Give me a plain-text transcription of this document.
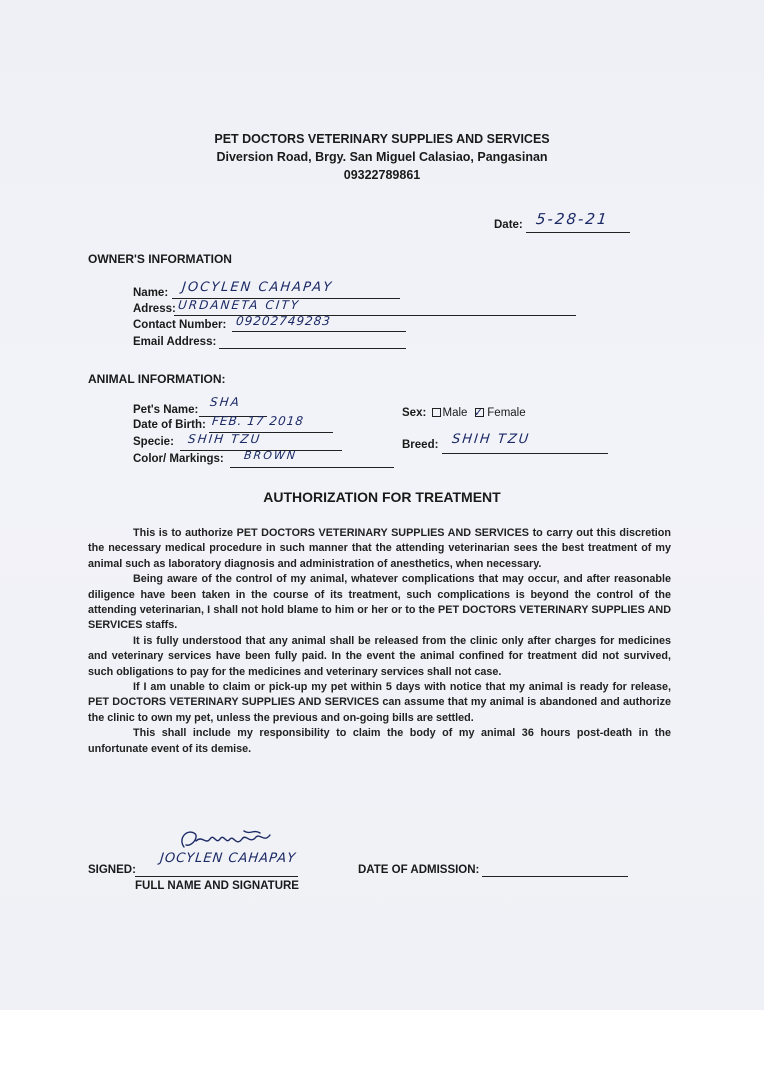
PET DOCTORS VETERINARY SUPPLIES AND SERVICES
Diversion Road, Brgy. San Miguel Calasiao, Pangasinan
09322789861
Date: 5-28-21
OWNER'S INFORMATION
Name: JOCYLEN CAHAPAY
Adress: URDANETA CITY
Contact Number: 09202749283
Email Address:
ANIMAL INFORMATION:
Pet's Name:
SHA
Date of Birth: FEB. 17 2018
Specie: SHIH TZU
Color/ Markings: BROWN
Sex: Male ✓ Female
Breed: SHIH TZU
AUTHORIZATION FOR TREATMENT

This is to authorize PET DOCTORS VETERINARY SUPPLIES AND SERVICES to carry out this discretion the necessary medical procedure in such manner that the attending veterinarian sees the best treatment of my animal such as laboratory diagnosis and administration of anesthetics, when necessary.

Being aware of the control of my animal, whatever complications that may occur, and after reasonable diligence have been taken in the course of its treatment, such complications is beyond the control of the attending veterinarian, I shall not hold blame to him or her or to the PET DOCTORS VETERINARY SUPPLIES AND SERVICES staffs.

It is fully understood that any animal shall be released from the clinic only after charges for medicines and veterinary services have been fully paid. In the event the animal confined for treatment did not survived, such obligations to pay for the medicines and veterinary services shall not case.

If I am unable to claim or pick-up my pet within 5 days with notice that my animal is ready for release, PET DOCTORS VETERINARY SUPPLIES AND SERVICES can assume that my animal is abandoned and authorize the clinic to own my pet, unless the previous and on-going bills are settled.

This shall include my responsibility to claim the body of my animal 36 hours post-death in the unfortunate event of its demise.

SIGNED:
JOCYLEN CAHAPAY
FULL NAME AND SIGNATURE
DATE OF ADMISSION:
